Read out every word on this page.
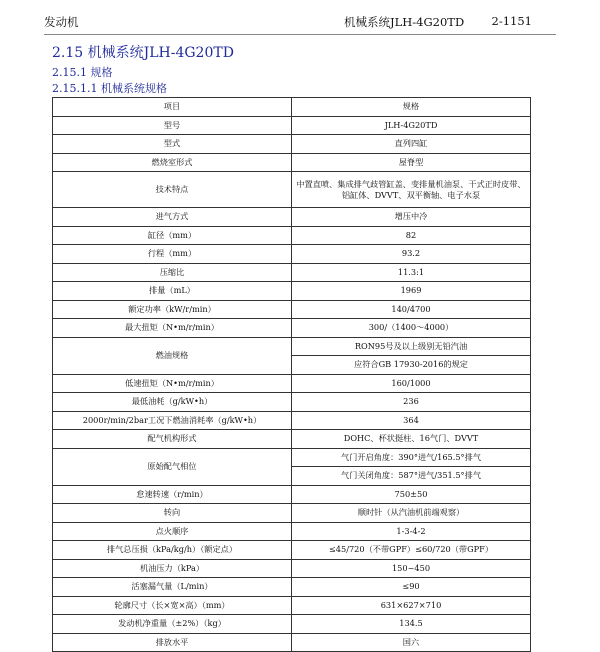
发动机	机械系统JLH-4G20TD 2-1151
2.15 机械系统JLH-4G20TD
2.15.1 规格
2.15.1.1 机械系统规格
项目	规格
型号	JLH-4G20TD
型式	直列四缸
燃烧室形式	屋脊型
技术特点	中置直喷、集成排气歧管缸盖、变排量机油泵、干式正时皮带、铝缸体、DVVT、双平衡轴、电子水泵
进气方式	增压中冷
缸径（mm）	82
行程（mm）	93.2
压缩比	11.3:1
排量（mL）	1969
额定功率（kW/r/min）	140/4700
最大扭矩（N•m/r/min）	300/（1400～4000）
燃油规格	RON95号及以上级别无铅汽油
	应符合GB 17930-2016的规定
低速扭矩（N•m/r/min）	160/1000
最低油耗（g/kW•h）	236
2000r/min/2bar工况下燃油消耗率（g/kW•h）	364
配气机构形式	DOHC、杯状挺柱、16气门、DVVT
原始配气相位	气门开启角度：390°进气/165.5°排气
	气门关闭角度：587°进气/351.5°排气
怠速转速（r/min）	750±50
转向	顺时针（从汽油机前端观察）
点火顺序	1-3-4-2
排气总压损（kPa/kg/h）（额定点）	≤45/720（不带GPF）≤60/720（带GPF）
机油压力（kPa）	150~450
活塞漏气量（L/min）	≤90
轮廓尺寸（长×宽×高）（mm）	631×627×710
发动机净重量（±2%）（kg）	134.5
排放水平	国六
